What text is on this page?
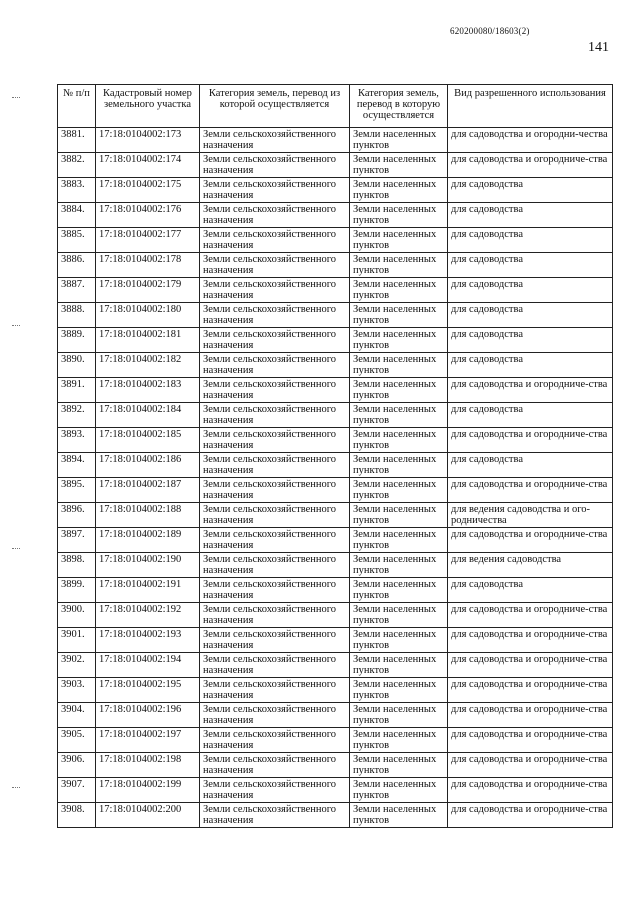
620200080/18603(2)
141
№ п/п	Кадастровый номер земельного участка	Категория земель, перевод из которой осуществляется	Категория земель, перевод в которую осуществляется	Вид разрешенного использования
3881.	17:18:0104002:173	Земли сельскохозяйственного назначения	Земли населенных пунктов	для садоводства и огородни-чества
3882.	17:18:0104002:174	Земли сельскохозяйственного назначения	Земли населенных пунктов	для садоводства и огородниче-ства
3883.	17:18:0104002:175	Земли сельскохозяйственного назначения	Земли населенных пунктов	для садоводства
3884.	17:18:0104002:176	Земли сельскохозяйственного назначения	Земли населенных пунктов	для садоводства
3885.	17:18:0104002:177	Земли сельскохозяйственного назначения	Земли населенных пунктов	для садоводства
3886.	17:18:0104002:178	Земли сельскохозяйственного назначения	Земли населенных пунктов	для садоводства
3887.	17:18:0104002:179	Земли сельскохозяйственного назначения	Земли населенных пунктов	для садоводства
3888.	17:18:0104002:180	Земли сельскохозяйственного назначения	Земли населенных пунктов	для садоводства
3889.	17:18:0104002:181	Земли сельскохозяйственного назначения	Земли населенных пунктов	для садоводства
3890.	17:18:0104002:182	Земли сельскохозяйственного назначения	Земли населенных пунктов	для садоводства
3891.	17:18:0104002:183	Земли сельскохозяйственного назначения	Земли населенных пунктов	для садоводства и огородниче-ства
3892.	17:18:0104002:184	Земли сельскохозяйственного назначения	Земли населенных пунктов	для садоводства
3893.	17:18:0104002:185	Земли сельскохозяйственного назначения	Земли населенных пунктов	для садоводства и огородниче-ства
3894.	17:18:0104002:186	Земли сельскохозяйственного назначения	Земли населенных пунктов	для садоводства
3895.	17:18:0104002:187	Земли сельскохозяйственного назначения	Земли населенных пунктов	для садоводства и огородниче-ства
3896.	17:18:0104002:188	Земли сельскохозяйственного назначения	Земли населенных пунктов	для ведения садоводства и ого-родничества
3897.	17:18:0104002:189	Земли сельскохозяйственного назначения	Земли населенных пунктов	для садоводства и огородниче-ства
3898.	17:18:0104002:190	Земли сельскохозяйственного назначения	Земли населенных пунктов	для ведения садоводства
3899.	17:18:0104002:191	Земли сельскохозяйственного назначения	Земли населенных пунктов	для садоводства
3900.	17:18:0104002:192	Земли сельскохозяйственного назначения	Земли населенных пунктов	для садоводства и огородниче-ства
3901.	17:18:0104002:193	Земли сельскохозяйственного назначения	Земли населенных пунктов	для садоводства и огородниче-ства
3902.	17:18:0104002:194	Земли сельскохозяйственного назначения	Земли населенных пунктов	для садоводства и огородниче-ства
3903.	17:18:0104002:195	Земли сельскохозяйственного назначения	Земли населенных пунктов	для садоводства и огородниче-ства
3904.	17:18:0104002:196	Земли сельскохозяйственного назначения	Земли населенных пунктов	для садоводства и огородниче-ства
3905.	17:18:0104002:197	Земли сельскохозяйственного назначения	Земли населенных пунктов	для садоводства и огородниче-ства
3906.	17:18:0104002:198	Земли сельскохозяйственного назначения	Земли населенных пунктов	для садоводства и огородниче-ства
3907.	17:18:0104002:199	Земли сельскохозяйственного назначения	Земли населенных пунктов	для садоводства и огородниче-ства
3908.	17:18:0104002:200	Земли сельскохозяйственного назначения	Земли населенных пунктов	для садоводства и огородниче-ства
